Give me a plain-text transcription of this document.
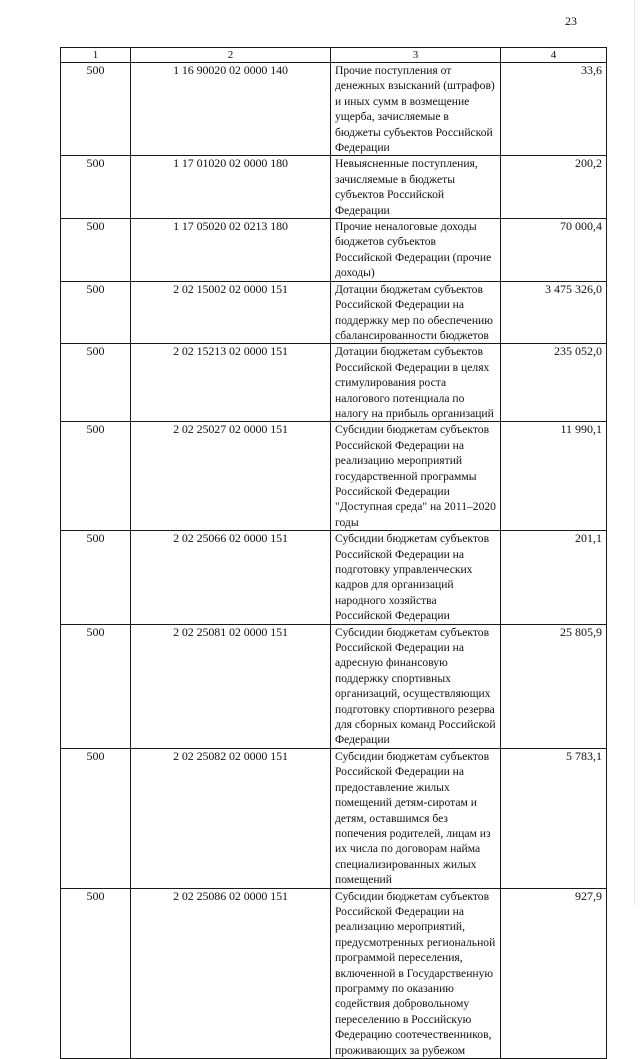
23
1	2	3	4
500	1 16 90020 02 0000 140	Прочие поступления от денежных взысканий (штрафов) и иных сумм в возмещение ущерба, зачисляемые в бюджеты субъектов Российской Федерации	33,6
500	1 17 01020 02 0000 180	Невыясненные поступления, зачисляемые в бюджеты субъектов Российской Федерации	200,2
500	1 17 05020 02 0213 180	Прочие неналоговые доходы бюджетов субъектов Российской Федерации (прочие доходы)	70 000,4
500	2 02 15002 02 0000 151	Дотации бюджетам субъектов Российской Федерации на поддержку мер по обеспечению сбалансированности бюджетов	3 475 326,0
500	2 02 15213 02 0000 151	Дотации бюджетам субъектов Российской Федерации в целях стимулирования роста налогового потенциала по налогу на прибыль организаций	235 052,0
500	2 02 25027 02 0000 151	Субсидии бюджетам субъектов Российской Федерации на реализацию мероприятий государственной программы Российской Федерации "Доступная среда" на 2011–2020 годы	11 990,1
500	2 02 25066 02 0000 151	Субсидии бюджетам субъектов Российской Федерации на подготовку управленческих кадров для организаций народного хозяйства Российской Федерации	201,1
500	2 02 25081 02 0000 151	Субсидии бюджетам субъектов Российской Федерации на адресную финансовую поддержку спортивных организаций, осуществляющих подготовку спортивного резерва для сборных команд Российской Федерации	25 805,9
500	2 02 25082 02 0000 151	Субсидии бюджетам субъектов Российской Федерации на предоставление жилых помещений детям-сиротам и детям, оставшимся без попечения родителей, лицам из их числа по договорам найма специализированных жилых помещений	5 783,1
500	2 02 25086 02 0000 151	Субсидии бюджетам субъектов Российской Федерации на реализацию мероприятий, предусмотренных региональной программой переселения, включенной в Государственную программу по оказанию содействия добровольному переселению в Российскую Федерацию соотечественников, проживающих за рубежом	927,9
